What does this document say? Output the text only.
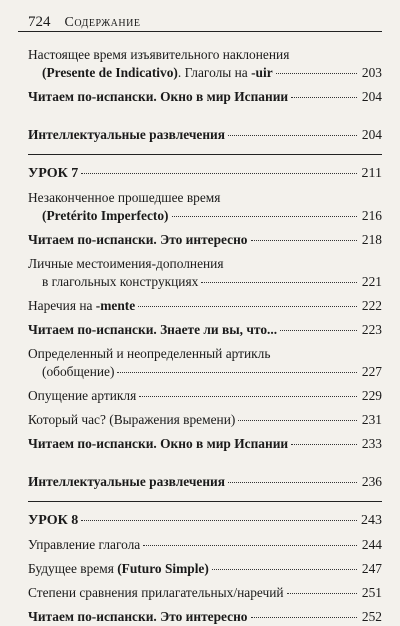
724 Содержание
Настоящее время изъявительного наклонения
(Presente de Indicativo). Глаголы на -uir	203
Читаем по-испански. Окно в мир Испании	204
Интеллектуальные развлечения	204
УРОК 7	211
Незаконченное прошедшее время
(Pretérito Imperfecto)	216
Читаем по-испански. Это интересно	218
Личные местоимения-дополнения
в глагольных конструкциях	221
Наречия на -mente	222
Читаем по-испански. Знаете ли вы, что...	223
Определенный и неопределенный артикль
(обобщение)	227
Опущение артикля	229
Который час? (Выражения времени)	231
Читаем по-испански. Окно в мир Испании	233
Интеллектуальные развлечения	236
УРОК 8	243
Управление глагола	244
Будущее время (Futuro Simple)	247
Степени сравнения прилагательных/наречий	251
Читаем по-испански. Это интересно	252
